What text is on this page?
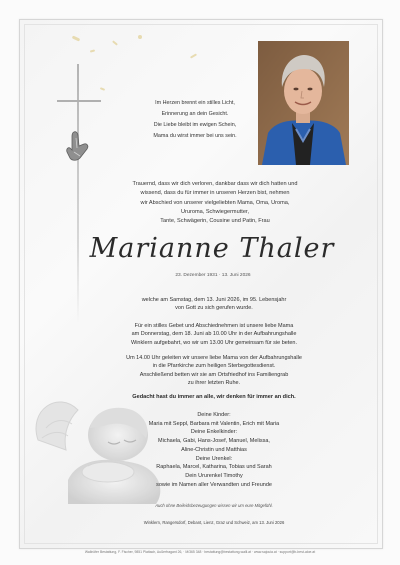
Im Herzen brennt ein stilles Licht,
Erinnerung an dein Gesicht.
Die Liebe bleibt im ewigen Schein,
Mama du wirst immer bei uns sein.
Trauernd, dass wir dich verloren, dankbar dass wir dich hatten und
wissend, dass du für immer in unseren Herzen bist, nehmen
wir Abschied von unserer vielgeliebten Mama, Oma, Uroma,
Ururoma, Schwiegermutter,
Tante, Schwägerin, Cousine und Patin, Frau
Marianne Thaler
23. Dezember 1931 · 13. Juni 2026
welche am Samstag, dem 13. Juni 2026, im 95. Lebensjahr
von Gott zu sich gerufen wurde.
Für ein stilles Gebet und Abschiednehmen ist unsere liebe Mama
am Donnerstag, dem 18. Juni ab 10.00 Uhr in der Aufbahrungshalle
Winklern aufgebahrt, wo wir um 13.00 Uhr gemeinsam für sie beten.
Um 14.00 Uhr geleiten wir unsere liebe Mama von der Aufbahrungshalle
in die Pfarrkirche zum heiligen Sterbegottesdienst.
Anschließend betten wir sie am Ortsfriedhof ins Familiengrab
zu ihrer letzten Ruhe.
Gedacht hast du immer an alle, wir denken für immer an dich.
Deine Kinder:
Maria mit Seppl, Barbara mit Valentin, Erich mit Maria
Deine Enkelkinder:
Michaela, Gabi, Hans-Josef, Manuel, Melissa,
Aline-Christin und Matthias
Deine Urenkel:
Raphaela, Marcel, Katharina, Tobias und Sarah
Dein Ururenkel Timothy
sowie im Namen aller Verwandten und Freunde
Auch ohne Beileidsbezeugungen wissen wir um eure Mitgefühl.
Winklern, Rangersdorf, Debant, Lienz, Graz und Schweiz, am 13. Juni 2026
Wallnöfer Bestattung, F. Fischer, 9851 Plattach, Außerfragant 26, · M/365 348 · bestattung@bestattung-walli.at · www.sajouia.at · support@b-best-aloe.at
